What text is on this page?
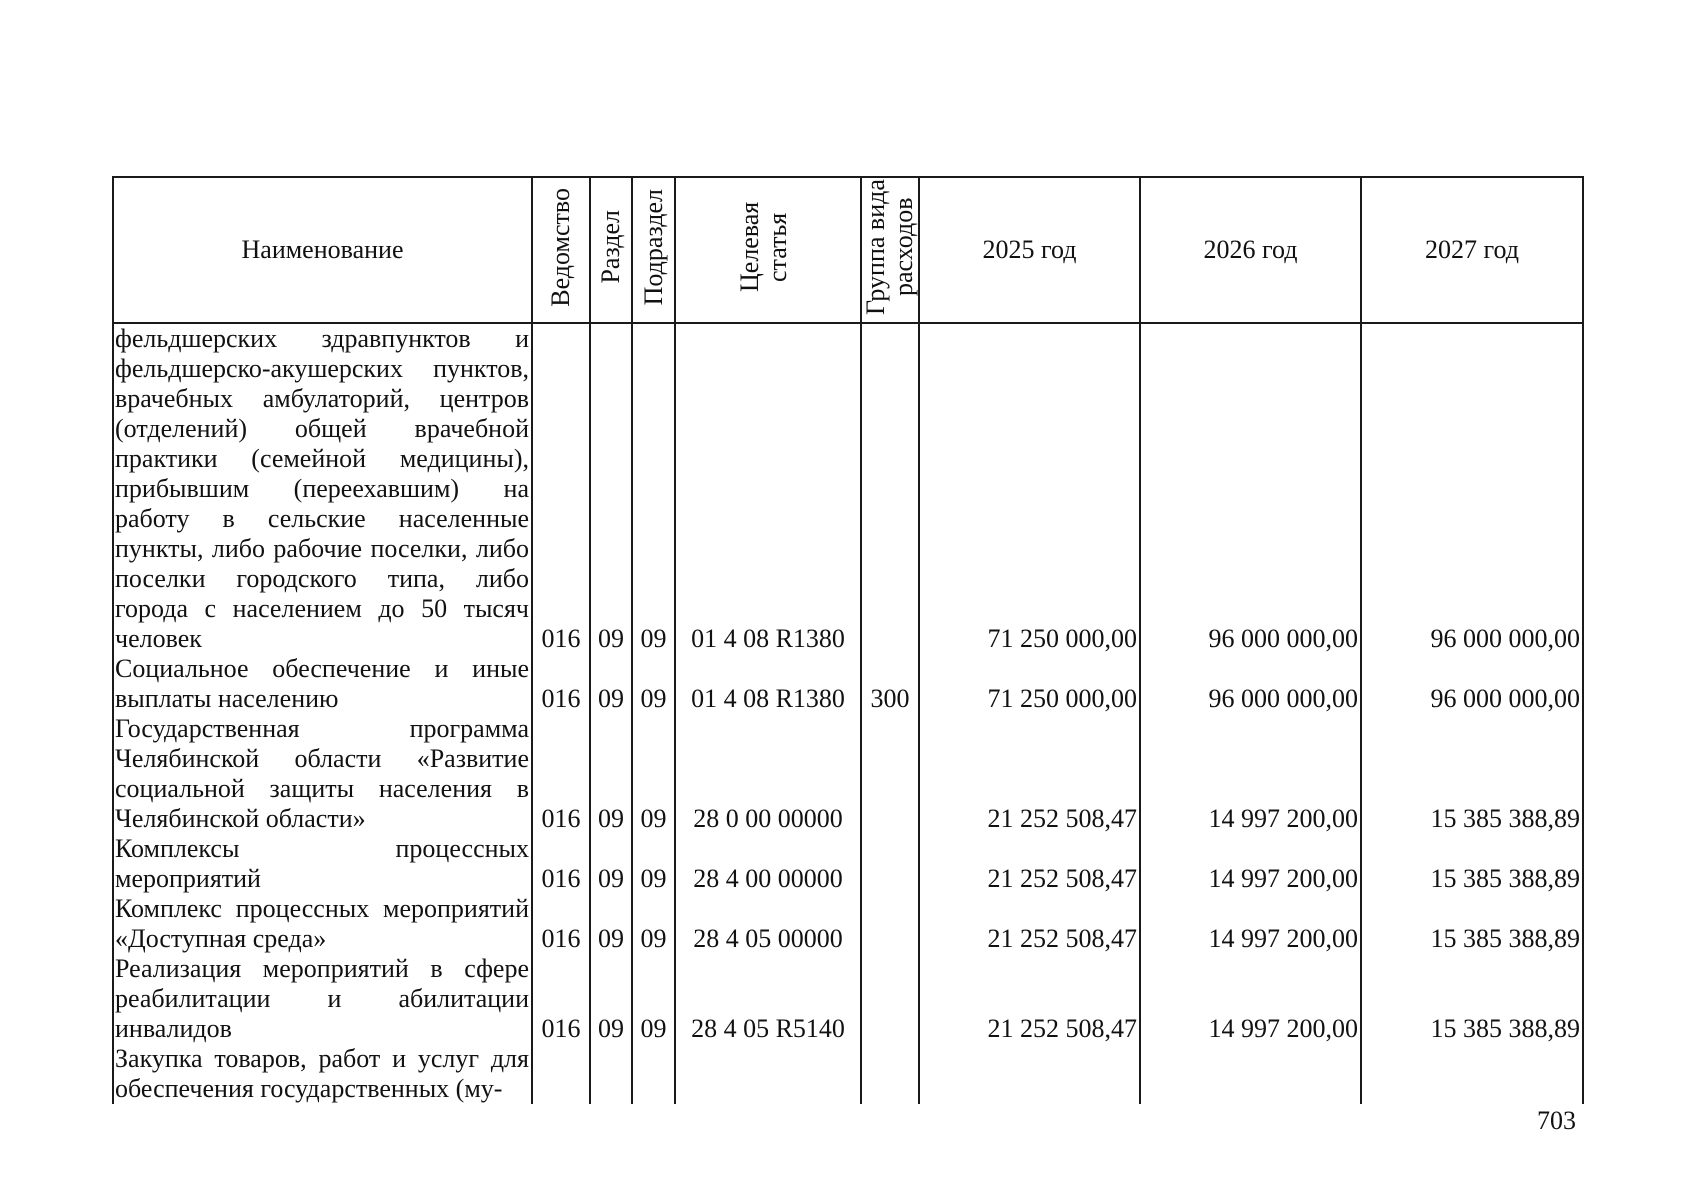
Наименование	Ведомство	Раздел	Подраздел	Целевая статья	Группа вида расходов	2025 год	2026 год	2027 год
фельдшерских здравпунктов и фельдшерско-акушерских пунктов, врачебных амбулаторий, центров (отделений) общей врачебной практики (семейной медицины), прибывшим (переехавшим) на работу в сельские населенные пункты, либо рабочие поселки, либо поселки городского типа, либо города с населением до 50 тысяч человек	016	09	09	01 4 08 R1380		71 250 000,00	96 000 000,00	96 000 000,00
Социальное обеспечение и иные выплаты населению	016	09	09	01 4 08 R1380	300	71 250 000,00	96 000 000,00	96 000 000,00
Государственная программа Челябинской области «Развитие социальной защиты населения в Челябинской области»	016	09	09	28 0 00 00000		21 252 508,47	14 997 200,00	15 385 388,89
Комплексы процессных мероприятий	016	09	09	28 4 00 00000		21 252 508,47	14 997 200,00	15 385 388,89
Комплекс процессных мероприятий «Доступная среда»	016	09	09	28 4 05 00000		21 252 508,47	14 997 200,00	15 385 388,89
Реализация мероприятий в сфере реабилитации и абилитации инвалидов	016	09	09	28 4 05 R5140		21 252 508,47	14 997 200,00	15 385 388,89
Закупка товаров, работ и услуг для обеспечения государственных (му-								
703
